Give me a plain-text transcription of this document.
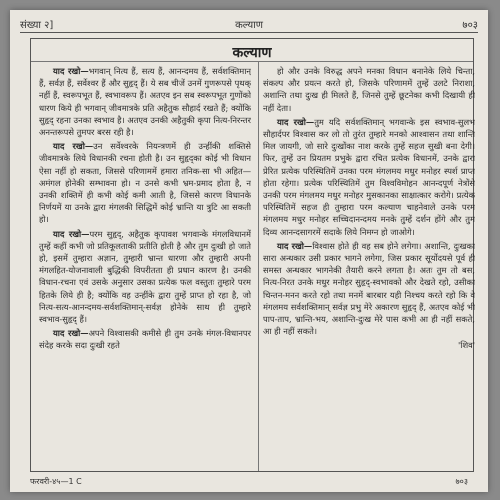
संख्या २]	कल्याण	७०३
कल्याण

याद रखो—भगवान् नित्य हैं, सत्य हैं, आनन्दमय हैं, सर्वशक्तिमान् हैं, सर्वज्ञ हैं, सर्वेश्वर हैं और सुहृद् हैं। ये सब चीजें उनमें गुणरूपसे पृथक् नहीं हैं, स्वरूपभूत हैं, स्वभावरूप हैं। अतएव इन सब स्वरूपभूत गुणोंको धारण किये ही भगवान् जीवमात्रके प्रति अहैतुक सौहार्द रखते हैं; क्योंकि सुहृद् रहना उनका स्वभाव है। अतएव उनकी अहैतुकी कृपा नित्य-निरन्तर अनन्तरूपसे तुमपर बरस रही है।

याद रखो—उन सर्वेश्वरके नियन्त्रणमें ही उन्हींकी शक्तिसे जीवमात्रके लिये विधानकी रचना होती है। उन सुहृद्का कोई भी विधान ऐसा नहीं हो सकता, जिससे परिणाममें हमारा तनिक-सा भी अहित—अमंगल होनेकी सम्भावना हो। न उनसे कभी भ्रम-प्रमाद होता है, न उनकी शक्तिमें ही कभी कोई कमी आती है, जिससे कारण विधानके निर्णयमें या उनके द्वारा मंगलकी सिद्धिमें कोई भ्रान्ति या त्रुटि आ सकती हो।

याद रखो—परम सुहृद्, अहैतुक कृपावश भगवान्के मंगलविधानमें तुम्हें कहीं कभी जो प्रतिकूलताकी प्रतीति होती है और तुम दुःखी हो जाते हो, इसमें तुम्हारा अज्ञान, तुम्हारी भ्रान्त धारणा और तुम्हारी अपनी मंगलहित-योजनावाली बुद्धिकी विपरीतता ही प्रधान कारण है। उनकी विधान-रचना एवं उसके अनुसार उसका प्रत्येक फल वस्तुतः तुम्हारे परम हितके लिये ही है; क्योंकि वह उन्हींके द्वारा तुम्हें प्राप्त हो रहा है, जो नित्य-सत्य-आनन्दमय-सर्वशक्तिमान्-सर्वज्ञ होनेके साथ ही तुम्हारे स्वभाव-सुहृद् हैं।

याद रखो—अपने विश्वासकी कमीसे ही तुम उनके मंगल-विधानपर संदेह करके सदा दुःखी रहते

हो और उनके विरुद्ध अपने मनका विधान बनानेके लिये चिन्ता, संकल्प और प्रयत्न करते हो, जिसके परिणाममें तुम्हें उलटे निराशा, अशान्ति तथा दुःख ही मिलते हैं, जिनसे तुम्हें छूटनेका कभी दिखायी ही नहीं देता।

याद रखो—तुम यदि सर्वशक्तिमान् भगवान्के इस स्वभाव-सुलभ सौहार्दपर विश्वास कर लो तो तुरंत तुम्हारे मनको आश्वासन तथा शान्ति मिल जायगी, जो सारे दुःखोंका नाश करके तुम्हें सहज सुखी बना देगी। फिर, तुम्हें उन प्रियतम प्रभुके द्वारा रचित प्रत्येक विधानमें, उनके द्वारा प्रेरित प्रत्येक परिस्थितिमें उनका परम मंगलमय मधुर मनोहर स्पर्श प्राप्त होता रहेगा। प्रत्येक परिस्थितिमें तुम विश्वविमोहन आनन्दपूर्ण नेत्रोंसे उनकी परम मंगलमय मधुर मनोहर मुसकानका साक्षात्कार करोगे। प्रत्येक परिस्थितिमें सहज ही तुम्हारा परम कल्याण चाहनेवाले उनके परम मंगलमय मधुर मनोहर सच्चिदानन्दमय मनके तुम्हें दर्शन होंगे और तुम दिव्य आनन्दसागरमें सदाके लिये निमग्न हो जाओगे।

याद रखो—विश्वास होते ही वह सब होने लगेगा। अशान्ति, दुःखका सारा अन्धकार उसी प्रकार भागने लगेगा, जिस प्रकार सूर्योदयसे पूर्व ही समस्त अन्धकार भागनेकी तैयारी करने लगता है। अतः तुम तो बस, नित्य-निरत उनके मधुर मनोहर सुहृद्-स्वभावको और देखते रहो, उसीका चिन्तन-मनन करते रहो तथा मनमें बारबार यही निश्चय करते रहो कि वे मंगलमय सर्वशक्तिमान् सर्वज्ञ प्रभु मेरे अकारण सुहृद् हैं, अतएव कोई भी पाप-ताप, भ्रान्ति-भय, अशान्ति-दुःख मेरे पास कभी आ ही नहीं सकते, आ ही नहीं सकते।

'शिव'

फरवरी-४५—1 C	७०३
